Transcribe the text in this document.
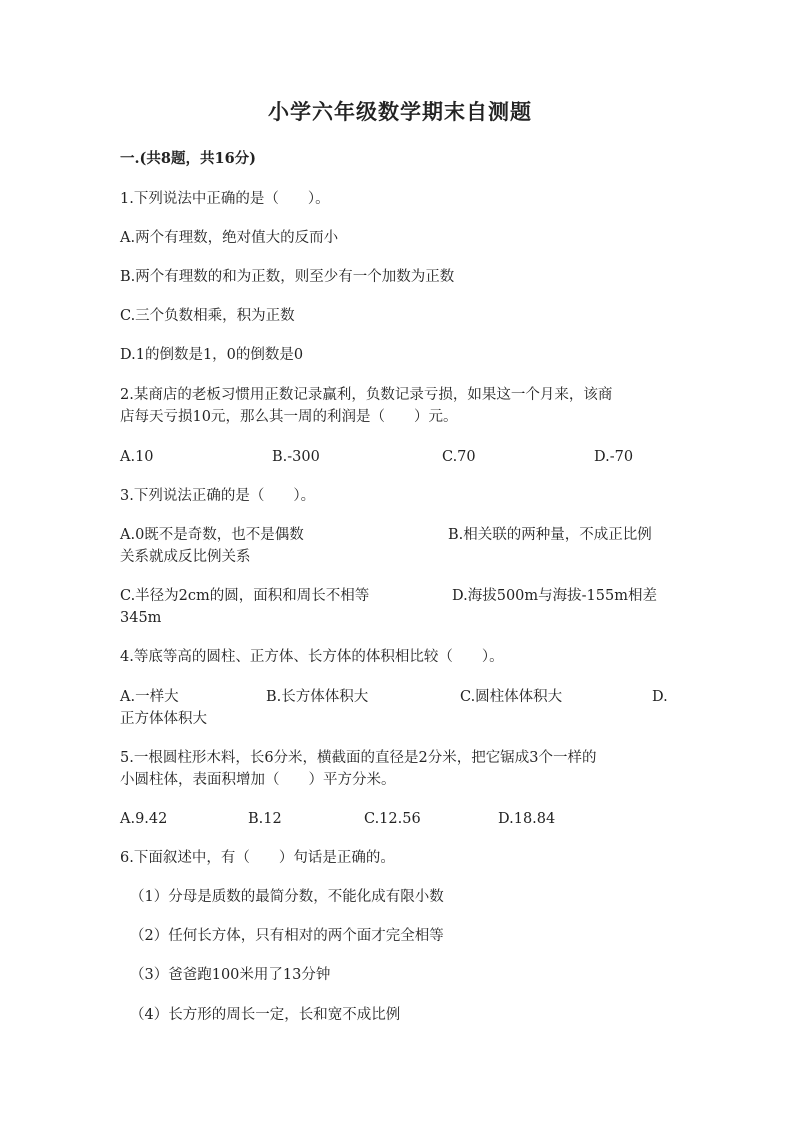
小学六年级数学期末自测题
一.(共8题，共16分)
1.下列说法中正确的是（　　）。
A.两个有理数，绝对值大的反而小
B.两个有理数的和为正数，则至少有一个加数为正数
C.三个负数相乘，积为正数
D.1的倒数是1，0的倒数是0
2.某商店的老板习惯用正数记录赢利，负数记录亏损，如果这一个月来，该商
店每天亏损10元，那么其一周的利润是（　　）元。
A.10	B.-300	C.70	D.-70
3.下列说法正确的是（　　）。
A.0既不是奇数，也不是偶数	B.相关联的两种量，不成正比例
关系就成反比例关系
C.半径为2cm的圆，面积和周长不相等	D.海拔500m与海拔-155m相差
345m
4.等底等高的圆柱、正方体、长方体的体积相比较（　　）。
A.一样大	B.长方体体积大	C.圆柱体体积大	D.
正方体体积大
5.一根圆柱形木料，长6分米，横截面的直径是2分米，把它锯成3个一样的
小圆柱体，表面积增加（　　）平方分米。
A.9.42	B.12	C.12.56	D.18.84
6.下面叙述中，有（　　）句话是正确的。
（1）分母是质数的最简分数，不能化成有限小数
（2）任何长方体，只有相对的两个面才完全相等
（3）爸爸跑100米用了13分钟
（4）长方形的周长一定，长和宽不成比例
